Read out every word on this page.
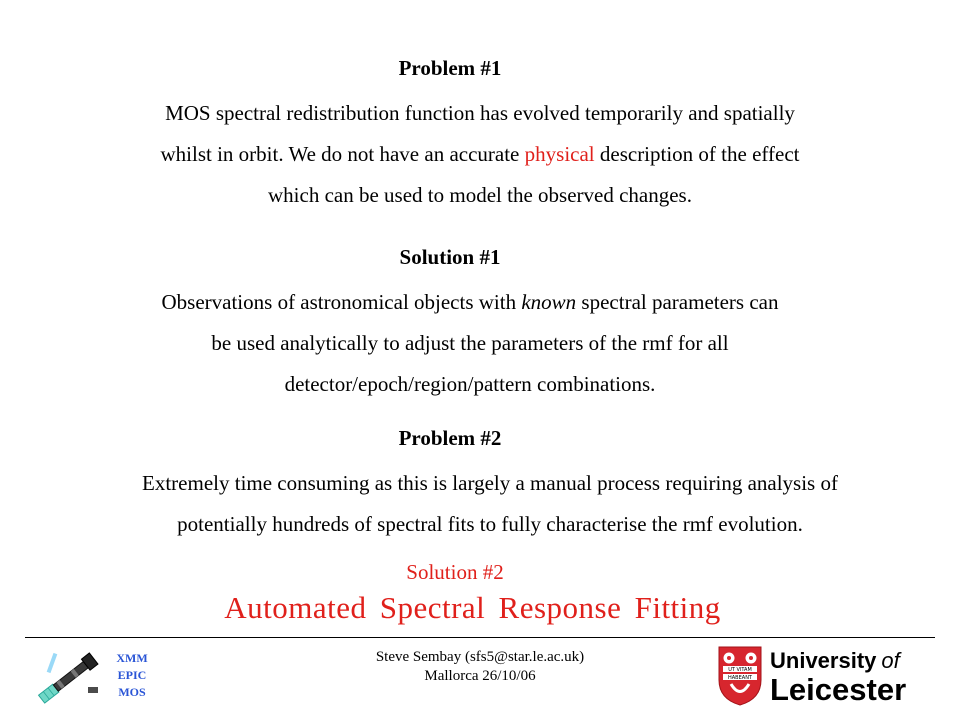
Problem #1
MOS spectral redistribution function has evolved temporarily and spatially
whilst in orbit. We do not have an accurate physical description of the effect
which can be used to model the observed changes.
Solution #1
Observations of astronomical objects with known spectral parameters can
be used analytically to adjust the parameters of the rmf for all
detector/epoch/region/pattern combinations.
Problem #2
Extremely time consuming as this is largely a manual process requiring analysis of
potentially hundreds of spectral fits to fully characterise the rmf evolution.
Solution #2
Automated Spectral Response Fitting
XMM
EPIC
MOS
Steve Sembay (sfs5@star.le.ac.uk)
Mallorca 26/10/06	UT VITAM
HABEANT
University of
Leicester
